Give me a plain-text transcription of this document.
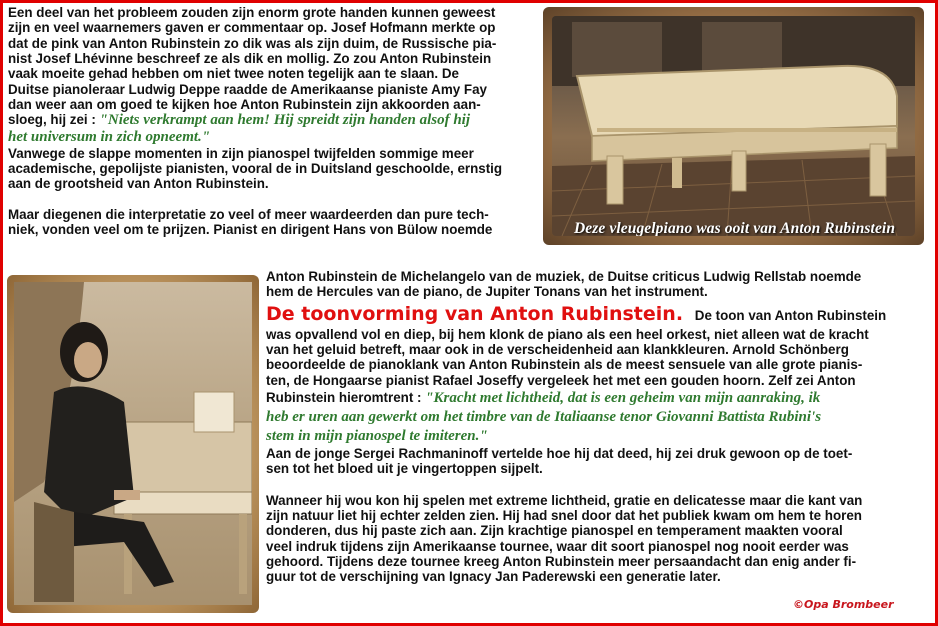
Een deel van het probleem zouden zijn enorm grote handen kunnen geweest
zijn en veel waarnemers gaven er commentaar op. Josef Hofmann merkte op
dat de pink van Anton Rubinstein zo dik was als zijn duim, de Russische pia-
nist Josef Lhévinne beschreef ze als dik en mollig. Zo zou Anton Rubinstein
vaak moeite gehad hebben om niet twee noten tegelijk aan te slaan. De
Duitse pianoleraar Ludwig Deppe raadde de Amerikaanse pianiste Amy Fay
dan weer aan om goed te kijken hoe Anton Rubinstein zijn akkoorden aan-
sloeg, hij zei : "Niets verkrampt aan hem! Hij spreidt zijn handen alsof hij
het universum in zich opneemt."
Vanwege de slappe momenten in zijn pianospel twijfelden sommige meer
academische, gepolijste pianisten, vooral de in Duitsland geschoolde, ernstig
aan de grootsheid van Anton Rubinstein.
Maar diegenen die interpretatie zo veel of meer waardeerden dan pure tech-
niek, vonden veel om te prijzen. Pianist en dirigent Hans von Bülow noemde	Deze vleugelpiano was ooit van Anton Rubinstein
Anton Rubinstein de Michelangelo van de muziek, de Duitse criticus Ludwig Rellstab noemde
hem de Hercules van de piano, de Jupiter Tonans van het instrument.
De toonvorming van Anton Rubinstein. De toon van Anton Rubinstein
was opvallend vol en diep, bij hem klonk de piano als een heel orkest, niet alleen wat de kracht
van het geluid betreft, maar ook in de verscheidenheid aan klankkleuren. Arnold Schönberg
beoordeelde de pianoklank van Anton Rubinstein als de meest sensuele van alle grote pianis-
ten, de Hongaarse pianist Rafael Joseffy vergeleek het met een gouden hoorn. Zelf zei Anton
Rubinstein hieromtrent : "Kracht met lichtheid, dat is een geheim van mijn aanraking, ik
heb er uren aan gewerkt om het timbre van de Italiaanse tenor Giovanni Battista Rubini's
stem in mijn pianospel te imiteren."
Aan de jonge Sergei Rachmaninoff vertelde hoe hij dat deed, hij zei druk gewoon op de toet-
sen tot het bloed uit je vingertoppen sijpelt.
Wanneer hij wou kon hij spelen met extreme lichtheid, gratie en delicatesse maar die kant van
zijn natuur liet hij echter zelden zien. Hij had snel door dat het publiek kwam om hem te horen
donderen, dus hij paste zich aan. Zijn krachtige pianospel en temperament maakten vooral
veel indruk tijdens zijn Amerikaanse tournee, waar dit soort pianospel nog nooit eerder was
gehoord. Tijdens deze tournee kreeg Anton Rubinstein meer persaandacht dan enig ander fi-
guur tot de verschijning van Ignacy Jan Paderewski een generatie later.
©Opa Brombeer
